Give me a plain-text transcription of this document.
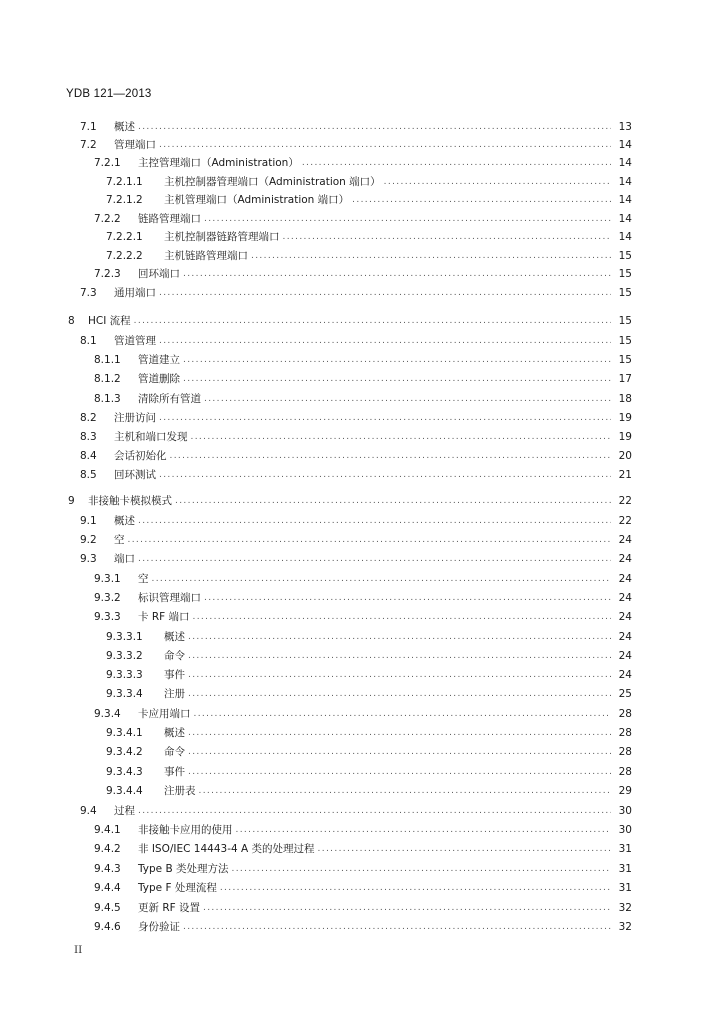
YDB 121—2013
7.1	概述 .....	13
7.2	管理端口 .....	14
7.2.1	主控管理端口（Administration） .....	14
7.2.1.1	主机控制器管理端口（Administration 端口） .....	14
7.2.1.2	主机管理端口（Administration 端口） .....	14
7.2.2	链路管理端口 .....	14
7.2.2.1	主机控制器链路管理端口 .....	14
7.2.2.2	主机链路管理端口 .....	15
7.2.3	回环端口 .....	15
7.3	通用端口 .....	15
8	HCI 流程 .....	15
8.1	管道管理 .....	15
8.1.1	管道建立 .....	15
8.1.2	管道删除 .....	17
8.1.3	清除所有管道 .....	18
8.2	注册访问 .....	19
8.3	主机和端口发现 .....	19
8.4	会话初始化 .....	20
8.5	回环测试 .....	21
9	非接触卡模拟模式 .....	22
9.1	概述 .....	22
9.2	空 .....	24
9.3	端口 .....	24
9.3.1	空 .....	24
9.3.2	标识管理端口 .....	24
9.3.3	卡 RF 端口 .....	24
9.3.3.1	概述 .....	24
9.3.3.2	命令 .....	24
9.3.3.3	事件 .....	24
9.3.3.4	注册 .....	25
9.3.4	卡应用端口 .....	28
9.3.4.1	概述 .....	28
9.3.4.2	命令 .....	28
9.3.4.3	事件 .....	28
9.3.4.4	注册表 .....	29
9.4	过程 .....	30
9.4.1	非接触卡应用的使用 .....	30
9.4.2	非 ISO/IEC 14443-4 A 类的处理过程 .....	31
9.4.3	Type B 类处理方法 .....	31
9.4.4	Type F 处理流程 .....	31
9.4.5	更新 RF 设置 .....	32
9.4.6	身份验证 .....	32
II
